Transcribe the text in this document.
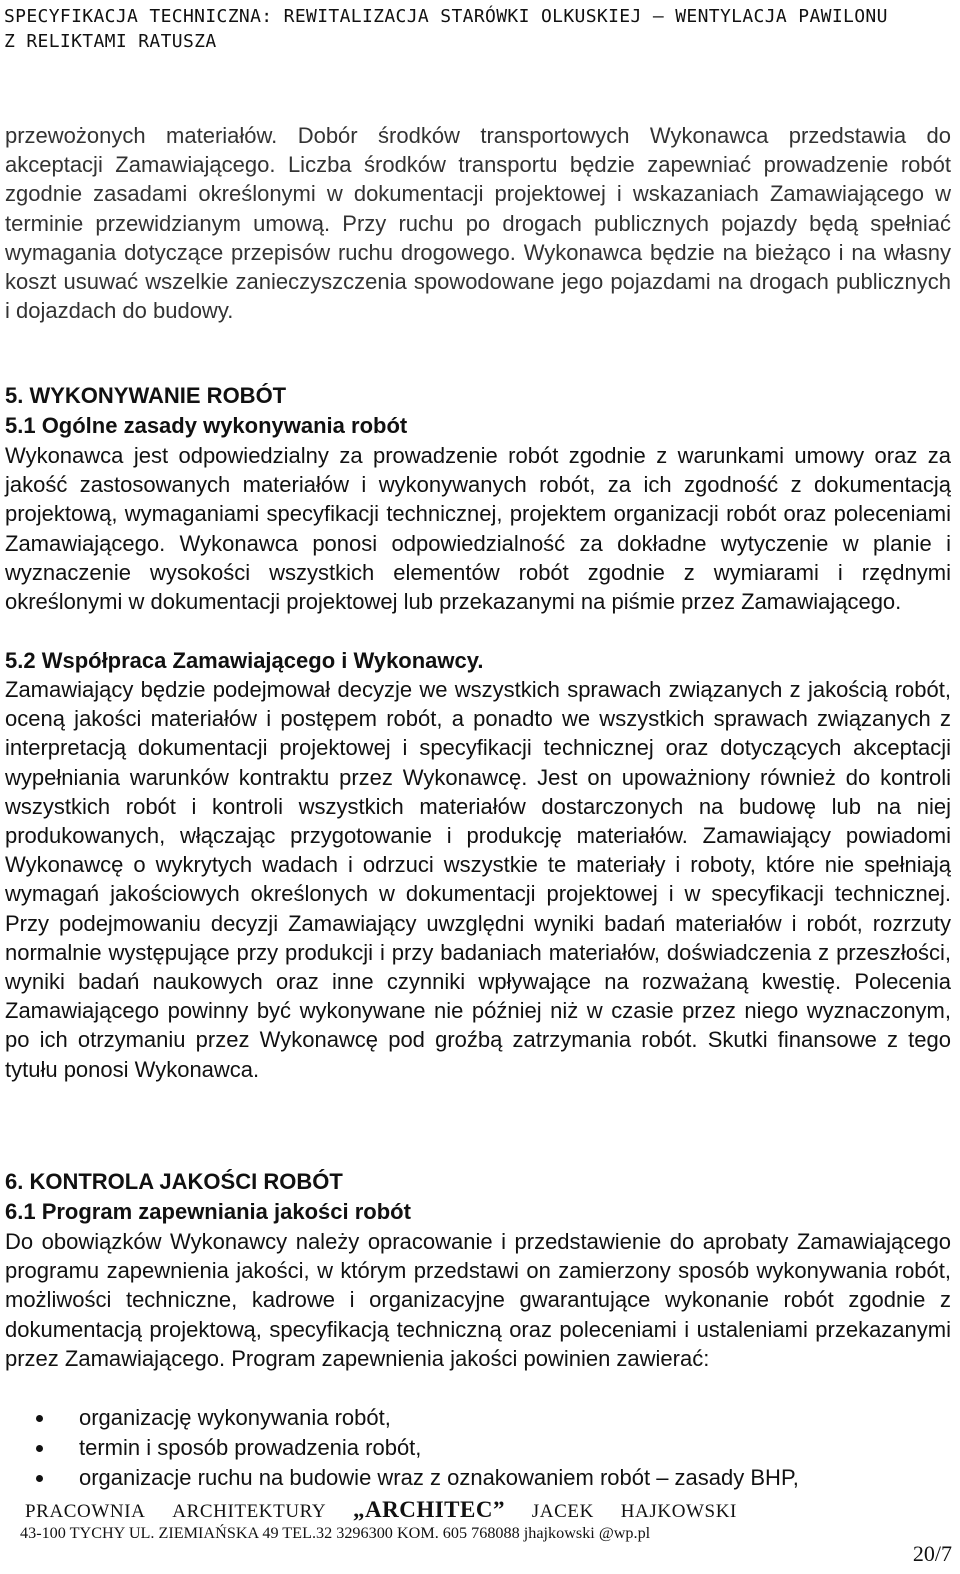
SPECYFIKACJA TECHNICZNA: REWITALIZACJA STARÓWKI OLKUSKIEJ – WENTYLACJA PAWILONU
Z RELIKTAMI RATUSZA

przewożonych materiałów. Dobór środków transportowych Wykonawca przedstawia do akceptacji Zamawiającego. Liczba środków transportu będzie zapewniać prowadzenie robót zgodnie zasadami określonymi w dokumentacji projektowej i wskazaniach Zamawiającego w terminie przewidzianym umową. Przy ruchu po drogach publicznych pojazdy będą spełniać wymagania dotyczące przepisów ruchu drogowego. Wykonawca będzie na bieżąco i na własny koszt usuwać wszelkie zanieczyszczenia spowodowane jego pojazdami na drogach publicznych i dojazdach do budowy.

5. WYKONYWANIE ROBÓT
5.1 Ogólne zasady wykonywania robót

Wykonawca jest odpowiedzialny za prowadzenie robót zgodnie z warunkami umowy oraz za jakość zastosowanych materiałów i wykonywanych robót, za ich zgodność z dokumentacją projektową, wymaganiami specyfikacji technicznej, projektem organizacji robót oraz poleceniami Zamawiającego. Wykonawca ponosi odpowiedzialność za dokładne wytyczenie w planie i wyznaczenie wysokości wszystkich elementów robót zgodnie z wymiarami i rzędnymi określonymi w dokumentacji projektowej lub przekazanymi na piśmie przez Zamawiającego.

5.2 Współpraca Zamawiającego i Wykonawcy.

Zamawiający będzie podejmował decyzje we wszystkich sprawach związanych z jakością robót, oceną jakości materiałów i postępem robót, a ponadto we wszystkich sprawach związanych z interpretacją dokumentacji projektowej i specyfikacji technicznej oraz dotyczących akceptacji wypełniania warunków kontraktu przez Wykonawcę. Jest on upoważniony również do kontroli wszystkich robót i kontroli wszystkich materiałów dostarczonych na budowę lub na niej produkowanych, włączając przygotowanie i produkcję materiałów. Zamawiający powiadomi Wykonawcę o wykrytych wadach i odrzuci wszystkie te materiały i roboty, które nie spełniają wymagań jakościowych określonych w dokumentacji projektowej i w specyfikacji technicznej. Przy podejmowaniu decyzji Zamawiający uwzględni wyniki badań materiałów i robót, rozrzuty normalnie występujące przy produkcji i przy badaniach materiałów, doświadczenia z przeszłości, wyniki badań naukowych oraz inne czynniki wpływające na rozważaną kwestię. Polecenia Zamawiającego powinny być wykonywane nie później niż w czasie przez niego wyznaczonym, po ich otrzymaniu przez Wykonawcę pod groźbą zatrzymania robót. Skutki finansowe z tego tytułu ponosi Wykonawca.

6. KONTROLA JAKOŚCI ROBÓT
6.1 Program zapewniania jakości robót

Do obowiązków Wykonawcy należy opracowanie i przedstawienie do aprobaty Zamawiającego programu zapewnienia jakości, w którym przedstawi on zamierzony sposób wykonywania robót, możliwości techniczne, kadrowe i organizacyjne gwarantujące wykonanie robót zgodnie z dokumentacją projektową, specyfikacją techniczną oraz poleceniami i ustaleniami przekazanymi przez Zamawiającego. Program zapewnienia jakości powinien zawierać:

organizację wykonywania robót,
termin i sposób prowadzenia robót,
organizacje ruchu na budowie wraz z oznakowaniem robót – zasady BHP,
PRACOWNIA ARCHITEKTURY „ARCHITEC” JACEK HAJKOWSKI
43-100 TYCHY UL. ZIEMIAŃSKA 49 TEL.32 3296300 KOM. 605 768088 jhajkowski @wp.pl
20/7
